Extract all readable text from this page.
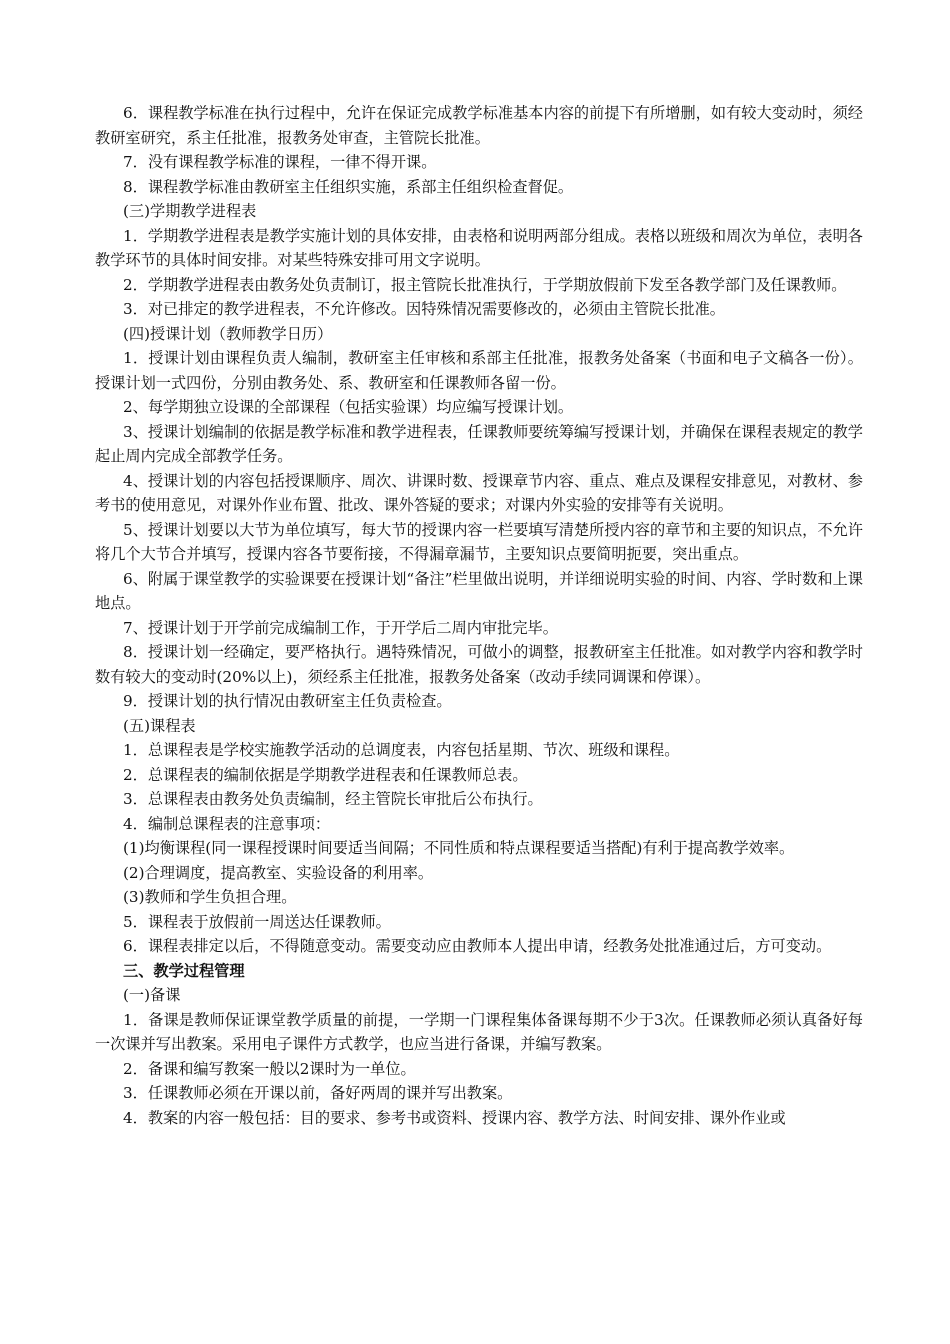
6．课程教学标准在执行过程中，允许在保证完成教学标准基本内容的前提下有所增删，如有较大变动时，须经教研室研究，系主任批准，报教务处审查，主管院长批准。

7．没有课程教学标准的课程，一律不得开课。

8．课程教学标准由教研室主任组织实施，系部主任组织检查督促。

(三)学期教学进程表

1．学期教学进程表是教学实施计划的具体安排，由表格和说明两部分组成。表格以班级和周次为单位，表明各教学环节的具体时间安排。对某些特殊安排可用文字说明。

2．学期教学进程表由教务处负责制订，报主管院长批准执行，于学期放假前下发至各教学部门及任课教师。

3．对已排定的教学进程表，不允许修改。因特殊情况需要修改的，必须由主管院长批准。

(四)授课计划（教师教学日历）

1．授课计划由课程负责人编制，教研室主任审核和系部主任批准，报教务处备案（书面和电子文稿各一份）。授课计划一式四份，分别由教务处、系、教研室和任课教师各留一份。

2、每学期独立设课的全部课程（包括实验课）均应编写授课计划。

3、授课计划编制的依据是教学标准和教学进程表，任课教师要统筹编写授课计划，并确保在课程表规定的教学起止周内完成全部教学任务。

4、授课计划的内容包括授课顺序、周次、讲课时数、授课章节内容、重点、难点及课程安排意见，对教材、参考书的使用意见，对课外作业布置、批改、课外答疑的要求；对课内外实验的安排等有关说明。

5、授课计划要以大节为单位填写，每大节的授课内容一栏要填写清楚所授内容的章节和主要的知识点，不允许将几个大节合并填写，授课内容各节要衔接，不得漏章漏节，主要知识点要简明扼要，突出重点。

6、附属于课堂教学的实验课要在授课计划“备注”栏里做出说明，并详细说明实验的时间、内容、学时数和上课地点。

7、授课计划于开学前完成编制工作，于开学后二周内审批完毕。

8．授课计划一经确定，要严格执行。遇特殊情况，可做小的调整，报教研室主任批准。如对教学内容和教学时数有较大的变动时(20%以上)，须经系主任批准，报教务处备案（改动手续同调课和停课）。

9．授课计划的执行情况由教研室主任负责检查。

(五)课程表

1．总课程表是学校实施教学活动的总调度表，内容包括星期、节次、班级和课程。

2．总课程表的编制依据是学期教学进程表和任课教师总表。

3．总课程表由教务处负责编制，经主管院长审批后公布执行。

4．编制总课程表的注意事项：

(1)均衡课程(同一课程授课时间要适当间隔；不同性质和特点课程要适当搭配)有利于提高教学效率。

(2)合理调度，提高教室、实验设备的利用率。

(3)教师和学生负担合理。

5．课程表于放假前一周送达任课教师。

6．课程表排定以后，不得随意变动。需要变动应由教师本人提出申请，经教务处批准通过后，方可变动。

三、教学过程管理

(一)备课

1．备课是教师保证课堂教学质量的前提，一学期一门课程集体备课每期不少于3次。任课教师必须认真备好每一次课并写出教案。采用电子课件方式教学，也应当进行备课，并编写教案。

2．备课和编写教案一般以2课时为一单位。

3．任课教师必须在开课以前，备好两周的课并写出教案。

4．教案的内容一般包括：目的要求、参考书或资料、授课内容、教学方法、时间安排、课外作业或
